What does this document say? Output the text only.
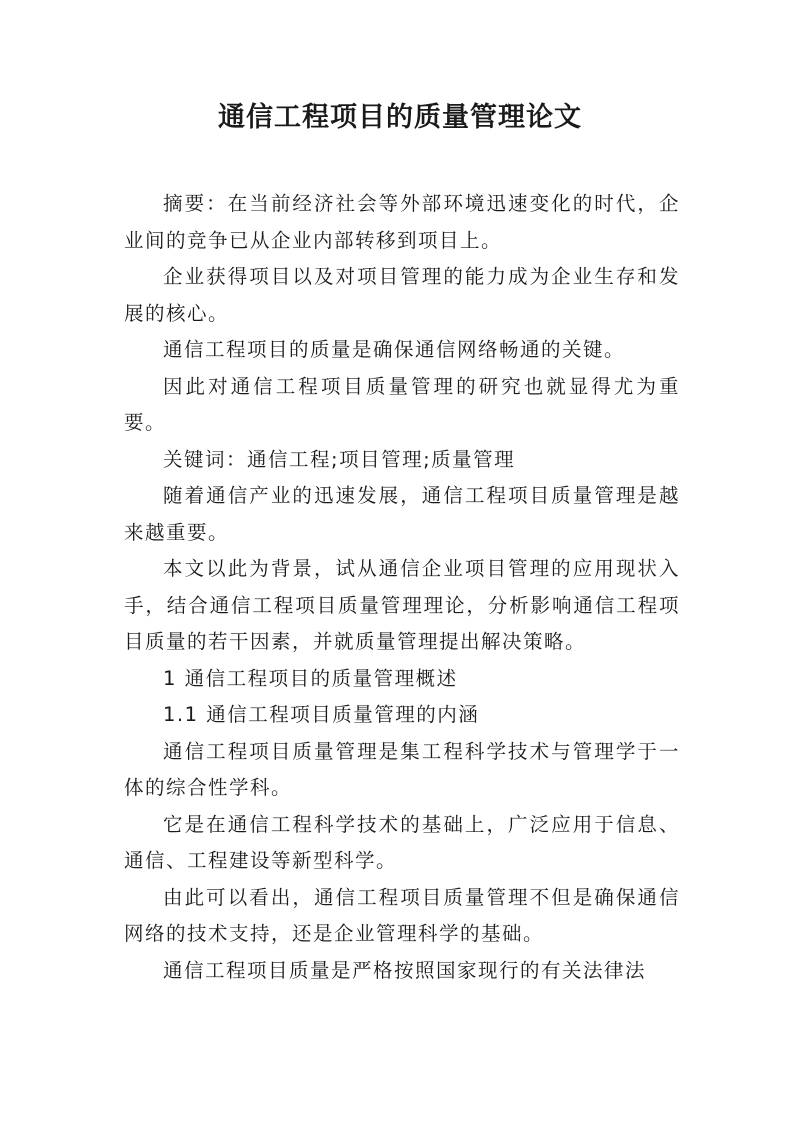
通信工程项目的质量管理论文

摘要：在当前经济社会等外部环境迅速变化的时代，企业间的竞争已从企业内部转移到项目上。

企业获得项目以及对项目管理的能力成为企业生存和发展的核心。

通信工程项目的质量是确保通信网络畅通的关键。

因此对通信工程项目质量管理的研究也就显得尤为重要。

关键词：通信工程;项目管理;质量管理

随着通信产业的迅速发展，通信工程项目质量管理是越来越重要。

本文以此为背景，试从通信企业项目管理的应用现状入手，结合通信工程项目质量管理理论，分析影响通信工程项目质量的若干因素，并就质量管理提出解决策略。

1 通信工程项目的质量管理概述

1.1 通信工程项目质量管理的内涵

通信工程项目质量管理是集工程科学技术与管理学于一体的综合性学科。

它是在通信工程科学技术的基础上，广泛应用于信息、通信、工程建设等新型科学。

由此可以看出，通信工程项目质量管理不但是确保通信网络的技术支持，还是企业管理科学的基础。

通信工程项目质量是严格按照国家现行的有关法律法
